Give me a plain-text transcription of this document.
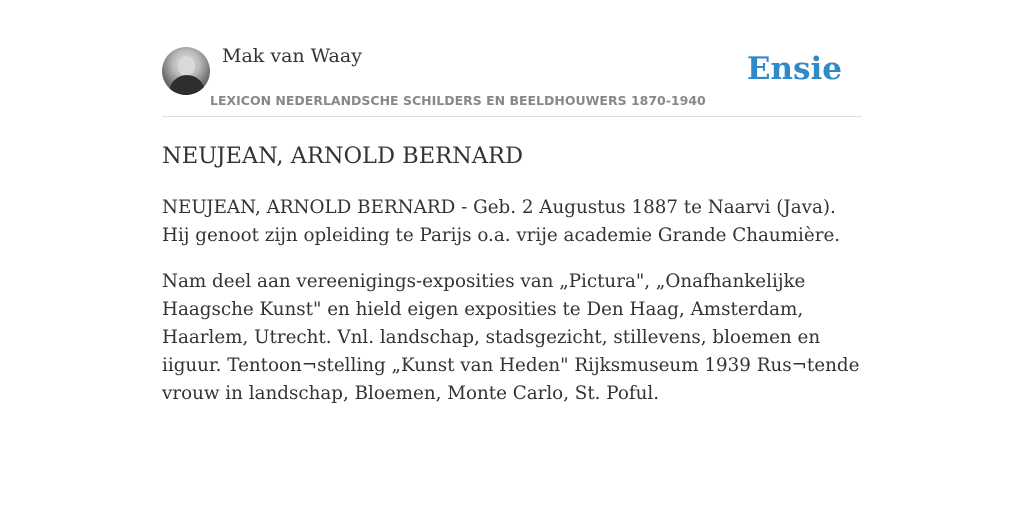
Mak van Waay
LEXICON NEDERLANDSCHE SCHILDERS EN BEELDHOUWERS 1870-1940
Ensie
NEUJEAN, ARNOLD BERNARD

NEUJEAN, ARNOLD BERNARD - Geb. 2 Augustus 1887 te Naarvi (Java). Hij genoot zijn opleiding te Parijs o.a. vrije academie Grande Chaumière.

Nam deel aan vereenigings-exposities van „Pictura", „Onafhankelijke Haagsche Kunst" en hield eigen exposities te Den Haag, Amsterdam, Haarlem, Utrecht. Vnl. landschap, stadsgezicht, stillevens, bloemen en iiguur. Tentoon¬stelling „Kunst van Heden" Rijksmuseum 1939 Rus¬tende vrouw in landschap, Bloemen, Monte Carlo, St. Poful.
